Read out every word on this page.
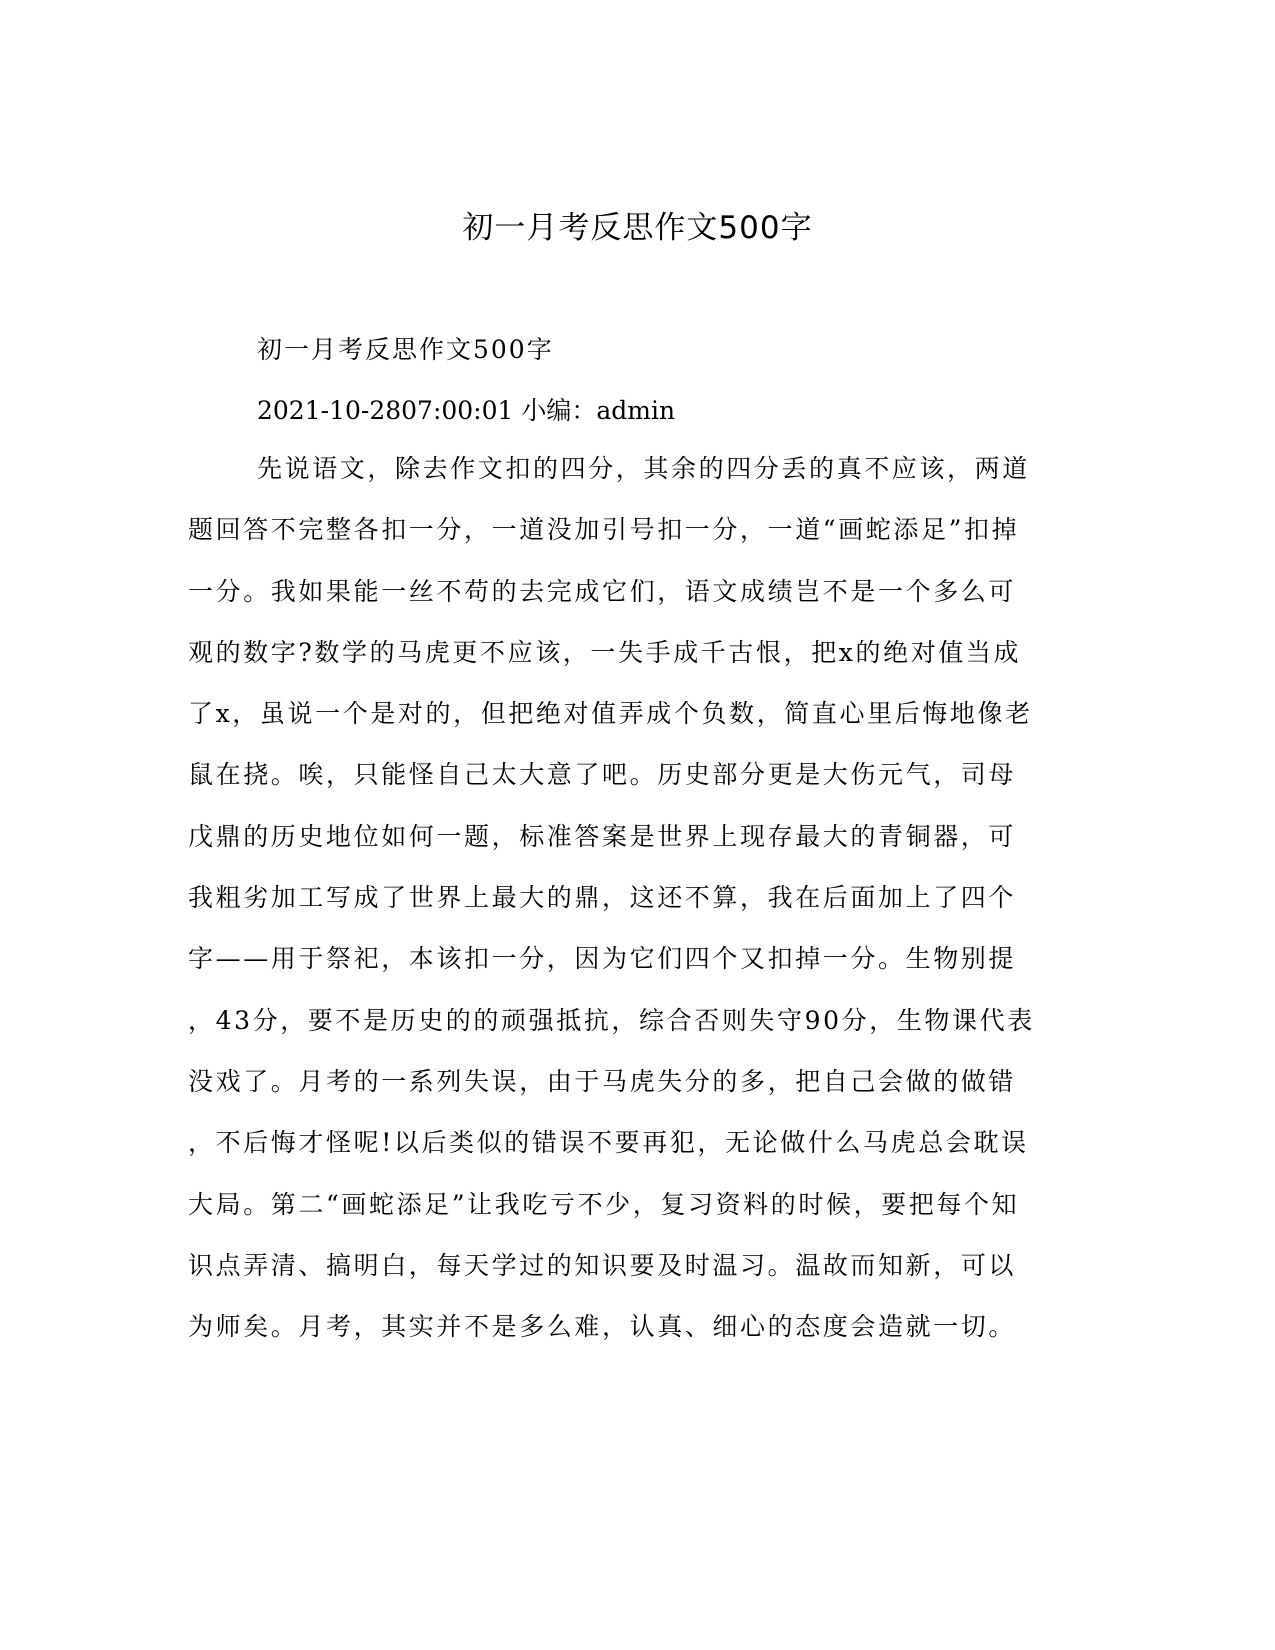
初一月考反思作文500字
初一月考反思作文500字
2021-10-2807:00:01 小编：admin
先说语文，除去作文扣的四分，其余的四分丢的真不应该，两道
题回答不完整各扣一分，一道没加引号扣一分，一道“画蛇添足”扣掉
一分。我如果能一丝不苟的去完成它们，语文成绩岂不是一个多么可
观的数字?数学的马虎更不应该，一失手成千古恨，把x的绝对值当成
了x，虽说一个是对的，但把绝对值弄成个负数，简直心里后悔地像老
鼠在挠。唉，只能怪自己太大意了吧。历史部分更是大伤元气，司母
戊鼎的历史地位如何一题，标准答案是世界上现存最大的青铜器，可
我粗劣加工写成了世界上最大的鼎，这还不算，我在后面加上了四个
字——用于祭祀，本该扣一分，因为它们四个又扣掉一分。生物别提
，43分，要不是历史的的顽强抵抗，综合否则失守90分，生物课代表
没戏了。月考的一系列失误，由于马虎失分的多，把自己会做的做错
，不后悔才怪呢!以后类似的错误不要再犯，无论做什么马虎总会耽误
大局。第二“画蛇添足”让我吃亏不少，复习资料的时候，要把每个知
识点弄清、搞明白，每天学过的知识要及时温习。温故而知新，可以
为师矣。月考，其实并不是多么难，认真、细心的态度会造就一切。
